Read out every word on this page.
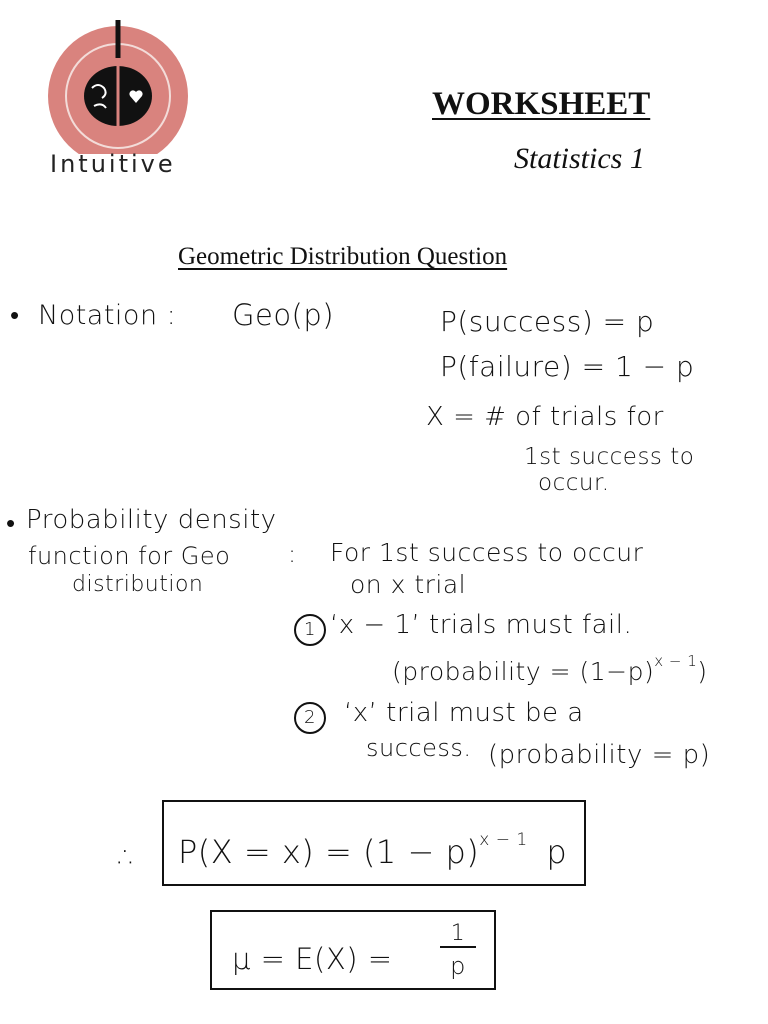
Intuitive
WORKSHEET
Statistics 1
Geometric Distribution Question
• Notation : Geo(p)	P(success) = p
P(failure) = 1 − p
X = # of trials for
1st success to
occur.
• Probability density
function for Geo
distribution
: For 1st success to occur
on x trial
1 ‘x − 1’ trials must fail.
(probability = $(1-p)^{x - 1}$)
2	‘x’ trial must be a
success. (probability = p)
∴ $P(X = x) = (1 - p)^{x - 1}$ p
μ = E(X) =
1
p
